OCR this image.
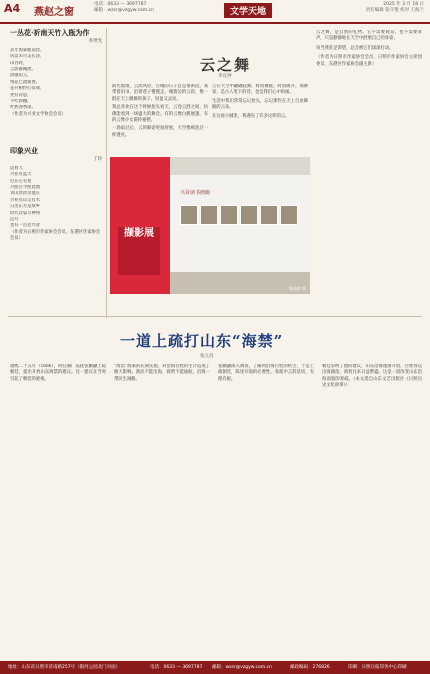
A4 燕赵之窗
电话：0633 — 3697787
邮箱：wzsr@vzgyw.com.cn	文学天地
2025 年 3 月 18 日
责任编辑 张守艳 校对 王海兰
一丛花·祈南天竹入瓶为作
李世光
去年海棠瓶前饮，
风景未尽美长泽，
山谷时，
云影静溪流，
清歌彩云，
残花已流谁香。
花开相怜心似我，
更有诗思，
不吐新穗，
叶底春香深。
（作者为兴业文学协会会员）
印象兴业
丁玲
远看天
兴业有蓝天
近在心有星
月照古今照此地
青山淡淡水流长
兴业有山又有水
日出东方是故乡
时代诗篇写神州
远方
也有一首老兴业
（作者为日照市作家协会会员、东港区作家协会会员）
云之舞
李宣钟

阳光灿灿，云淡风轻，古城的日子总是很闲适。我带着旧书，沿着巷子慢慢走。城墙边的云彩，像一群在天上跳舞的孩子，轻盈又灵动。

我总喜欢在这个时候抬头看天，云卷云舒之间，仿佛能看到一场盛大的舞会。有的云像白鹤展翅，有的云像少女旋转裙摆。

一场雨过后，云的舞姿更加舒展，天空像被洗过一样透亮。

云在天空中翩翩起舞，时而聚拢，时而散开。那舞姿，是古人笔下的诗，也是我们心中的画。

生活中我们常常忘记抬头，忘记那些在天上自由舞蹈的云朵。

在这座小城里，我遇见了许多这样的云。

云之舞，是自然的礼物。它不需要观众，也不需要掌声，只是静静地在天空中舒展自己的身姿。

每当我驻足仰望，总会被它们深深打动。

（作者为日照市作家协会会员、日照市作家协会主席团委员、东港区作家协会副主席）

撷影展
兴业读书画廊
海曲街 摄
一道上疏打山东“海禁”
张元昌

康熙二十五年（1686），时任湖广巡抚张鹏翮上疏朝廷，提出开放山东海禁的建议。这一建议在当时引起了朝廷的重视。

“海禁”政策的长期实施，对沿海百姓的生计造成了极大影响。渔民不能出海，商贾不能通航，沿海一带民生凋敝。

张鹏翮深入调查，了解到沿海百姓的疾苦，于是上疏朝廷，陈述开海的必要性。奏疏中言辞恳切，有理有据。

朝廷采纳了他的建议，山东沿海逐渐开放，百姓得以出海捕鱼，商贸往来日益繁盛。这是一道改变山东沿海面貌的奏疏。（本文选自山东文艺出版社《日照历史文化故事》）

地址：山东省日照市济南路257号（银河公园北门对面）	电话：0633 — 3697787 邮箱：wzsr@vzgyw.com.cn	邮政编码：276826	印刷：日照日报印务中心印刷
